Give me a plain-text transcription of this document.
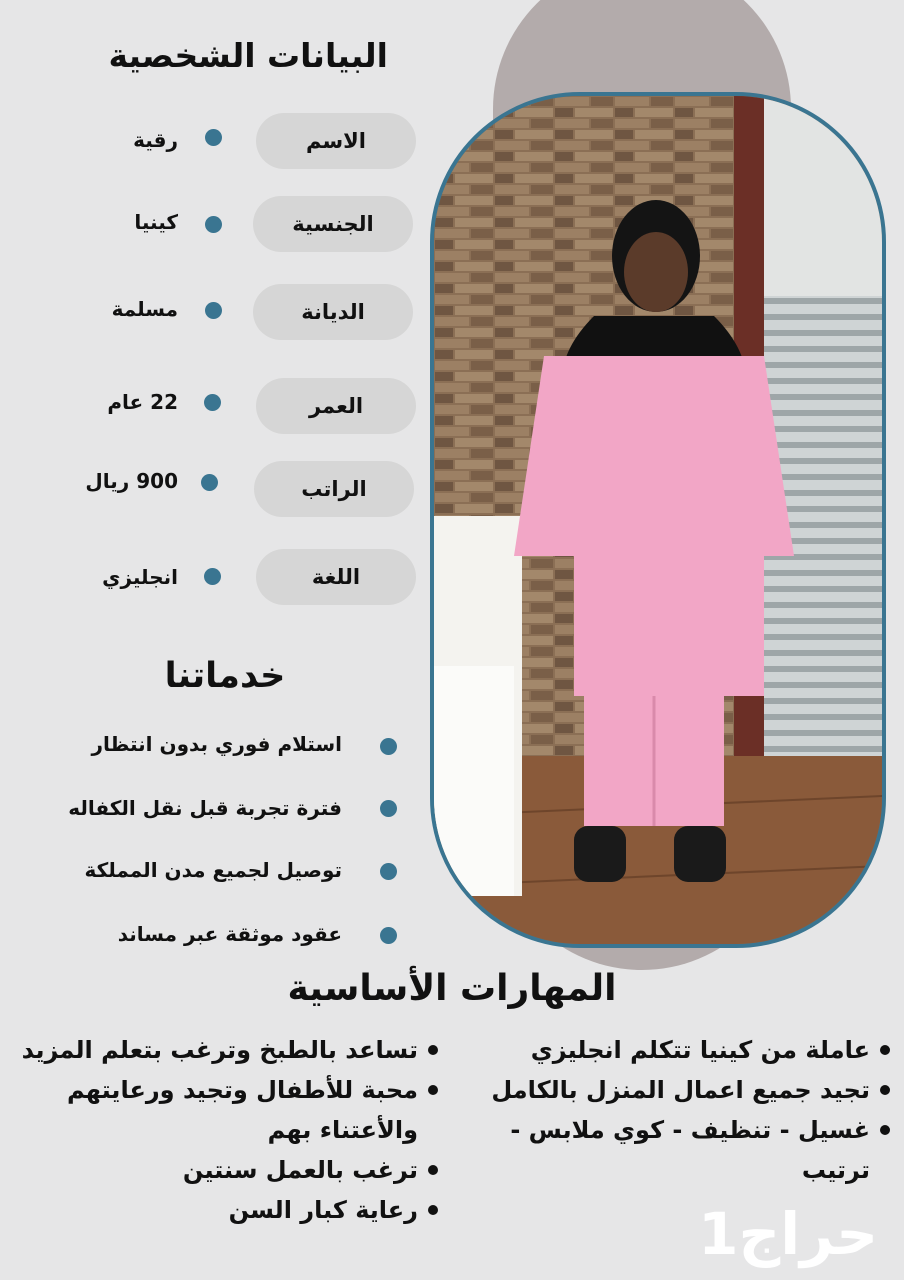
البيانات الشخصية
الاسم
رقية
الجنسية
كينيا
الديانة
مسلمة
العمر
22 عام
الراتب
900 ريال
اللغة
انجليزي
خدماتنا
استلام فوري بدون انتظار
فترة تجربة قبل نقل الكفاله
توصيل لجميع مدن المملكة
عقود موثقة عبر مساند
المهارات الأساسية
عاملة من كينيا تتكلم انجليزي
تجيد جميع اعمال المنزل بالكامل
غسيل - تنظيف - كوي ملابس - ترتيب
تساعد بالطبخ وترغب بتعلم المزيد
محبة للأطفال وتجيد ورعايتهم والأعتناء بهم
ترغب بالعمل سنتين
رعاية كبار السن	حراج1
